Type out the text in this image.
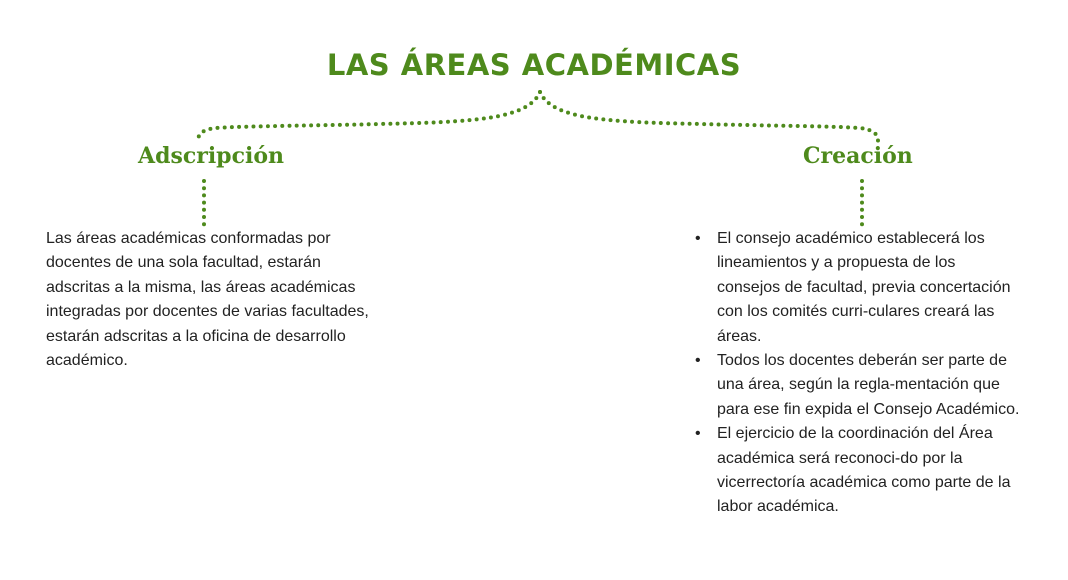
LAS ÁREAS ACADÉMICAS
Adscripción	Creación
Las áreas académicas conformadas por docentes de una sola facultad, estarán adscritas a la misma, las áreas académicas integradas por docentes de varias facultades, estarán adscritas a la oficina de desarrollo académico.
• El consejo académico establecerá los lineamientos y a propuesta de los consejos de facultad, previa concertación con los comités curri-culares creará las áreas.
• Todos los docentes deberán ser parte de una área, según la regla-mentación que para ese fin expida el Consejo Académico.
• El ejercicio de la coordinación del Área académica será reconoci-do por la vicerrectoría académica como parte de la labor académica.
